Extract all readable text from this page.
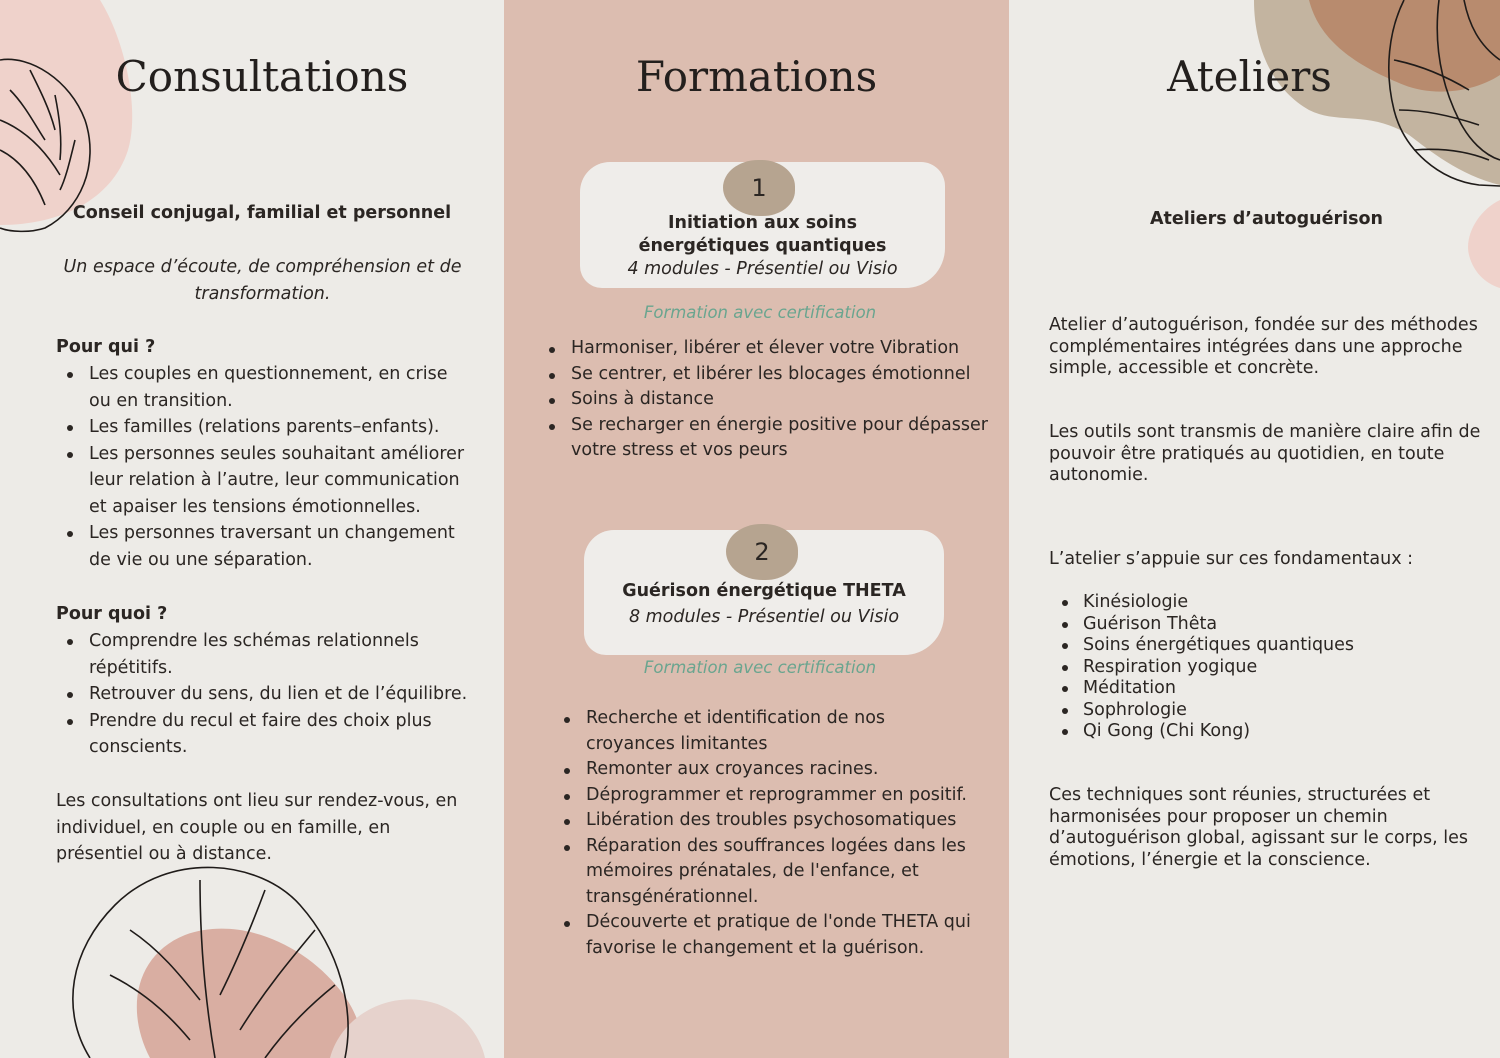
Consultations

Conseil conjugal, familial et personnel

Un espace d’écoute, de compréhension et de transformation.

Pour qui ?

Les couples en questionnement, en crise ou en transition.
Les familles (relations parents–enfants).
Les personnes seules souhaitant améliorer leur relation à l’autre, leur communication et apaiser les tensions émotionnelles.
Les personnes traversant un changement de vie ou une séparation.

Pour quoi ?

Comprendre les schémas relationnels répétitifs.
Retrouver du sens, du lien et de l’équilibre.
Prendre du recul et faire des choix plus conscients.

Les consultations ont lieu sur rendez-vous, en individuel, en couple ou en famille, en présentiel ou à distance.

Formations
1

Initiation aux soins énergétiques quantiques

4 modules - Présentiel ou Visio

Formation avec certification

Harmoniser, libérer et élever votre Vibration
Se centrer, et libérer les blocages émotionnel
Soins à distance
Se recharger en énergie positive pour dépasser votre stress et vos peurs
2

Guérison énergétique THETA

8 modules - Présentiel ou Visio

Formation avec certification

Recherche et identification de nos croyances limitantes
Remonter aux croyances racines.
Déprogrammer et reprogrammer en positif.
Libération des troubles psychosomatiques
Réparation des souffrances logées dans les mémoires prénatales, de l'enfance, et transgénérationnel.
Découverte et pratique de l'onde THETA qui favorise le changement et la guérison.
Ateliers

Ateliers d’autoguérison

Atelier d’autoguérison, fondée sur des méthodes complémentaires intégrées dans une approche simple, accessible et concrète.

Les outils sont transmis de manière claire afin de pouvoir être pratiqués au quotidien, en toute autonomie.

L’atelier s’appuie sur ces fondamentaux :

Kinésiologie
Guérison Thêta
Soins énergétiques quantiques
Respiration yogique
Méditation
Sophrologie
Qi Gong (Chi Kong)

Ces techniques sont réunies, structurées et harmonisées pour proposer un chemin d’autoguérison global, agissant sur le corps, les émotions, l’énergie et la conscience.
